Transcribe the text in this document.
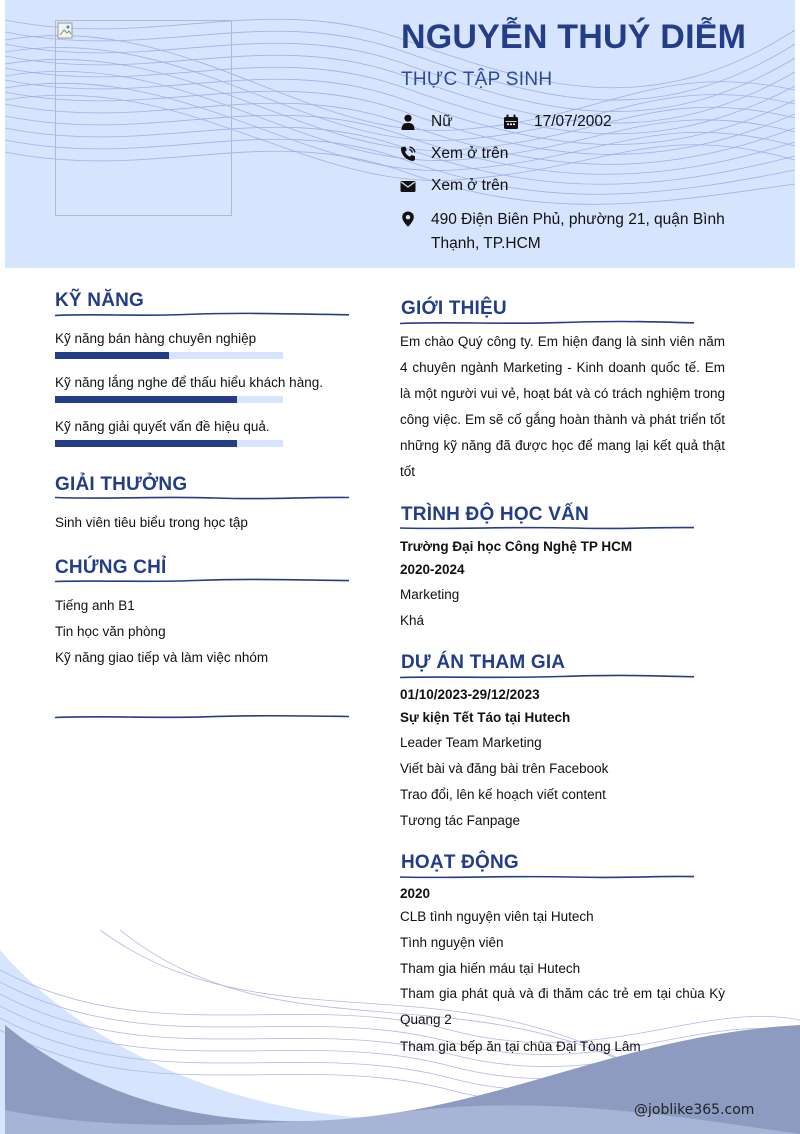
NGUYỄN THUÝ DIỄM
THỰC TẬP SINH
Nữ	17/07/2002
Xem ở trên
Xem ở trên
490 Điện Biên Phủ, phường 21, quận Bình Thạnh, TP.HCM
KỸ NĂNG
Kỹ năng bán hàng chuyên nghiệp
Kỹ năng lắng nghe để thấu hiểu khách hàng.
Kỹ năng giải quyết vấn đề hiệu quả.
GIẢI THƯỞNG
Sinh viên tiêu biểu trong học tập
CHỨNG CHỈ
Tiếng anh B1
Tin học văn phòng
Kỹ năng giao tiếp và làm việc nhóm
GIỚI THIỆU
Em chào Quý công ty. Em hiện đang là sinh viên năm 4 chuyên ngành Marketing - Kinh doanh quốc tế. Em là một người vui vẻ, hoạt bát và có trách nghiệm trong công việc. Em sẽ cố gắng hoàn thành và phát triển tốt những kỹ năng đã được học để mang lại kết quả thật tốt
TRÌNH ĐỘ HỌC VẤN
Trường Đại học Công Nghệ TP HCM
2020-2024
Marketing
Khá
DỰ ÁN THAM GIA
01/10/2023-29/12/2023
Sự kiện Tết Táo tại Hutech
Leader Team Marketing
Viết bài và đăng bài trên Facebook
Trao đổi, lên kế hoạch viết content
Tương tác Fanpage
HOẠT ĐỘNG
2020
CLB tình nguyện viên tại Hutech
Tình nguyện viên
Tham gia hiến máu tại Hutech
Tham gia phát quà và đi thăm các trẻ em tại chùa Kỳ Quang 2
Tham gia bếp ăn tại chùa Đại Tòng Lâm
@joblike365.com
